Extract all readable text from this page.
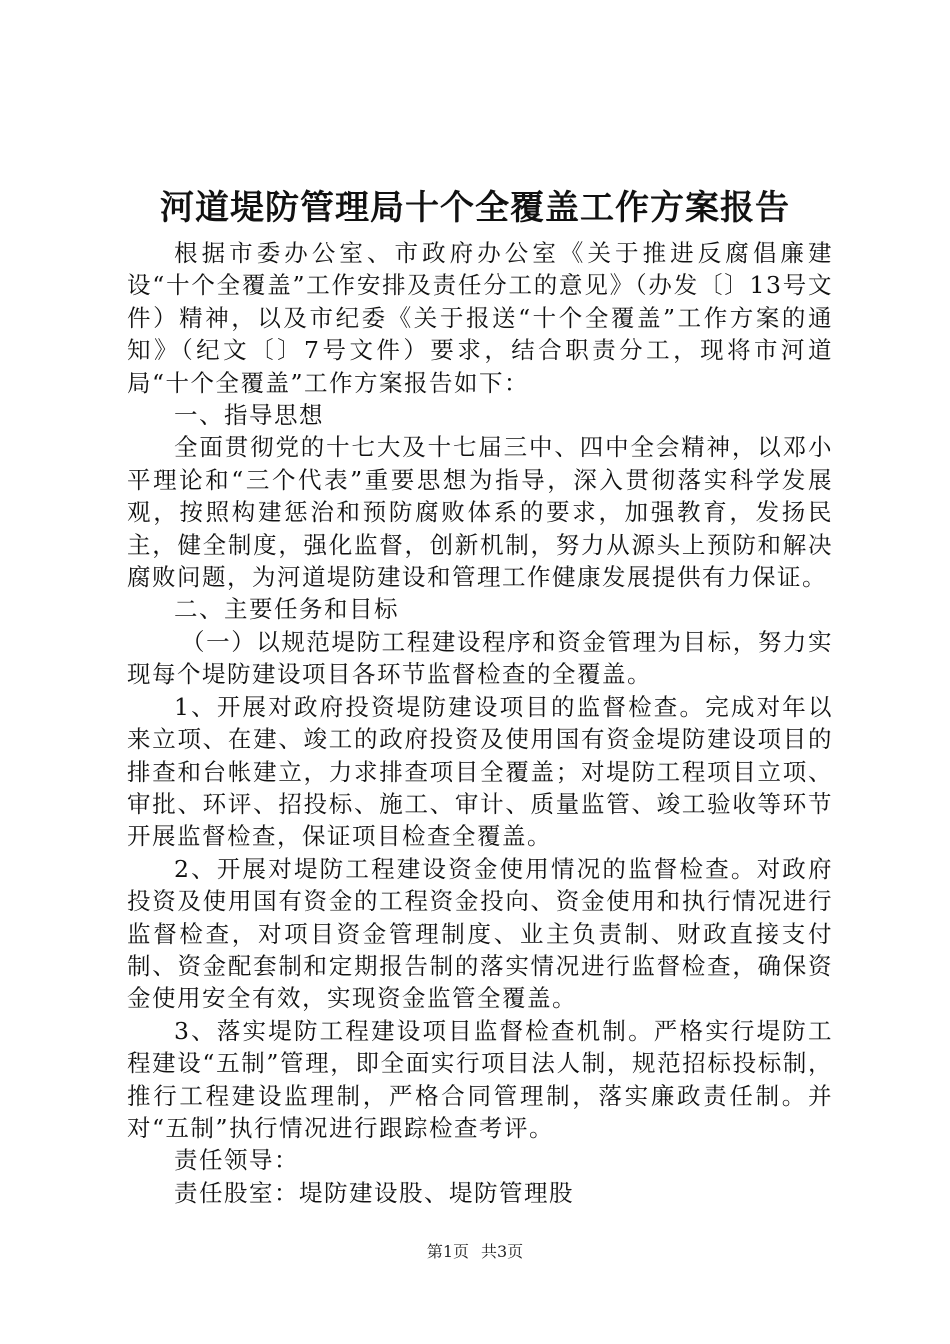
河道堤防管理局十个全覆盖工作方案报告

根据市委办公室、市政府办公室《关于推进反腐倡廉建设“十个全覆盖”工作安排及责任分工的意见》（办发〔〕13号文件）精神，以及市纪委《关于报送“十个全覆盖”工作方案的通知》（纪文〔〕7号文件）要求，结合职责分工，现将市河道局“十个全覆盖”工作方案报告如下：

一、指导思想

全面贯彻党的十七大及十七届三中、四中全会精神，以邓小平理论和“三个代表”重要思想为指导，深入贯彻落实科学发展观，按照构建惩治和预防腐败体系的要求，加强教育，发扬民主，健全制度，强化监督，创新机制，努力从源头上预防和解决腐败问题，为河道堤防建设和管理工作健康发展提供有力保证。

二、主要任务和目标

（一）以规范堤防工程建设程序和资金管理为目标，努力实现每个堤防建设项目各环节监督检查的全覆盖。

1、开展对政府投资堤防建设项目的监督检查。完成对年以来立项、在建、竣工的政府投资及使用国有资金堤防建设项目的排查和台帐建立，力求排查项目全覆盖；对堤防工程项目立项、审批、环评、招投标、施工、审计、质量监管、竣工验收等环节开展监督检查，保证项目检查全覆盖。

2、开展对堤防工程建设资金使用情况的监督检查。对政府投资及使用国有资金的工程资金投向、资金使用和执行情况进行监督检查，对项目资金管理制度、业主负责制、财政直接支付制、资金配套制和定期报告制的落实情况进行监督检查，确保资金使用安全有效，实现资金监管全覆盖。

3、落实堤防工程建设项目监督检查机制。严格实行堤防工程建设“五制”管理，即全面实行项目法人制，规范招标投标制，推行工程建设监理制，严格合同管理制，落实廉政责任制。并对“五制”执行情况进行跟踪检查考评。

责任领导：

责任股室：堤防建设股、堤防管理股

第1页 共3页
